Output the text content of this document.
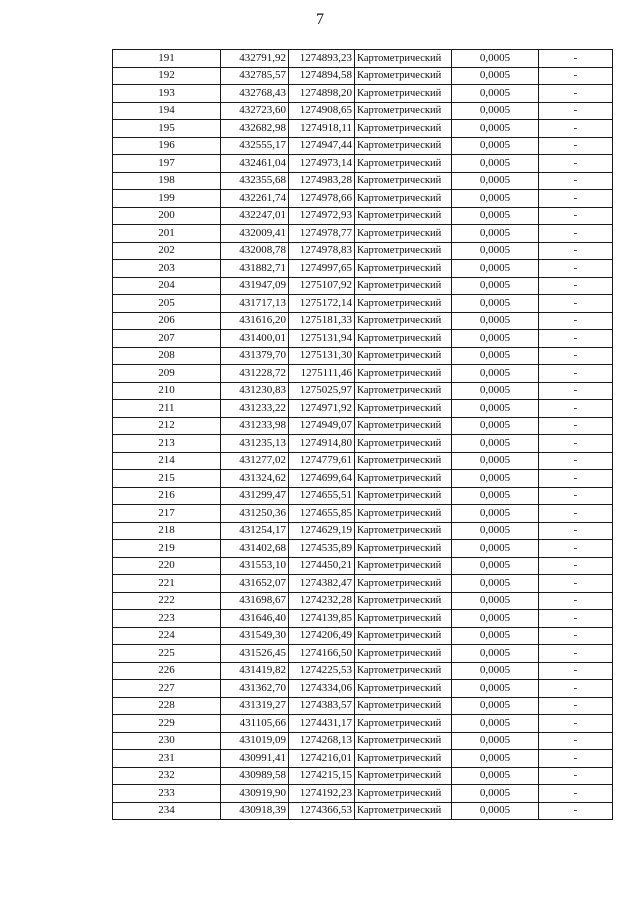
7
191	432791,92	1274893,23	Картометрический	0,0005	-
192	432785,57	1274894,58	Картометрический	0,0005	-
193	432768,43	1274898,20	Картометрический	0,0005	-
194	432723,60	1274908,65	Картометрический	0,0005	-
195	432682,98	1274918,11	Картометрический	0,0005	-
196	432555,17	1274947,44	Картометрический	0,0005	-
197	432461,04	1274973,14	Картометрический	0,0005	-
198	432355,68	1274983,28	Картометрический	0,0005	-
199	432261,74	1274978,66	Картометрический	0,0005	-
200	432247,01	1274972,93	Картометрический	0,0005	-
201	432009,41	1274978,77	Картометрический	0,0005	-
202	432008,78	1274978,83	Картометрический	0,0005	-
203	431882,71	1274997,65	Картометрический	0,0005	-
204	431947,09	1275107,92	Картометрический	0,0005	-
205	431717,13	1275172,14	Картометрический	0,0005	-
206	431616,20	1275181,33	Картометрический	0,0005	-
207	431400,01	1275131,94	Картометрический	0,0005	-
208	431379,70	1275131,30	Картометрический	0,0005	-
209	431228,72	1275111,46	Картометрический	0,0005	-
210	431230,83	1275025,97	Картометрический	0,0005	-
211	431233,22	1274971,92	Картометрический	0,0005	-
212	431233,98	1274949,07	Картометрический	0,0005	-
213	431235,13	1274914,80	Картометрический	0,0005	-
214	431277,02	1274779,61	Картометрический	0,0005	-
215	431324,62	1274699,64	Картометрический	0,0005	-
216	431299,47	1274655,51	Картометрический	0,0005	-
217	431250,36	1274655,85	Картометрический	0,0005	-
218	431254,17	1274629,19	Картометрический	0,0005	-
219	431402,68	1274535,89	Картометрический	0,0005	-
220	431553,10	1274450,21	Картометрический	0,0005	-
221	431652,07	1274382,47	Картометрический	0,0005	-
222	431698,67	1274232,28	Картометрический	0,0005	-
223	431646,40	1274139,85	Картометрический	0,0005	-
224	431549,30	1274206,49	Картометрический	0,0005	-
225	431526,45	1274166,50	Картометрический	0,0005	-
226	431419,82	1274225,53	Картометрический	0,0005	-
227	431362,70	1274334,06	Картометрический	0,0005	-
228	431319,27	1274383,57	Картометрический	0,0005	-
229	431105,66	1274431,17	Картометрический	0,0005	-
230	431019,09	1274268,13	Картометрический	0,0005	-
231	430991,41	1274216,01	Картометрический	0,0005	-
232	430989,58	1274215,15	Картометрический	0,0005	-
233	430919,90	1274192,23	Картометрический	0,0005	-
234	430918,39	1274366,53	Картометрический	0,0005	-
